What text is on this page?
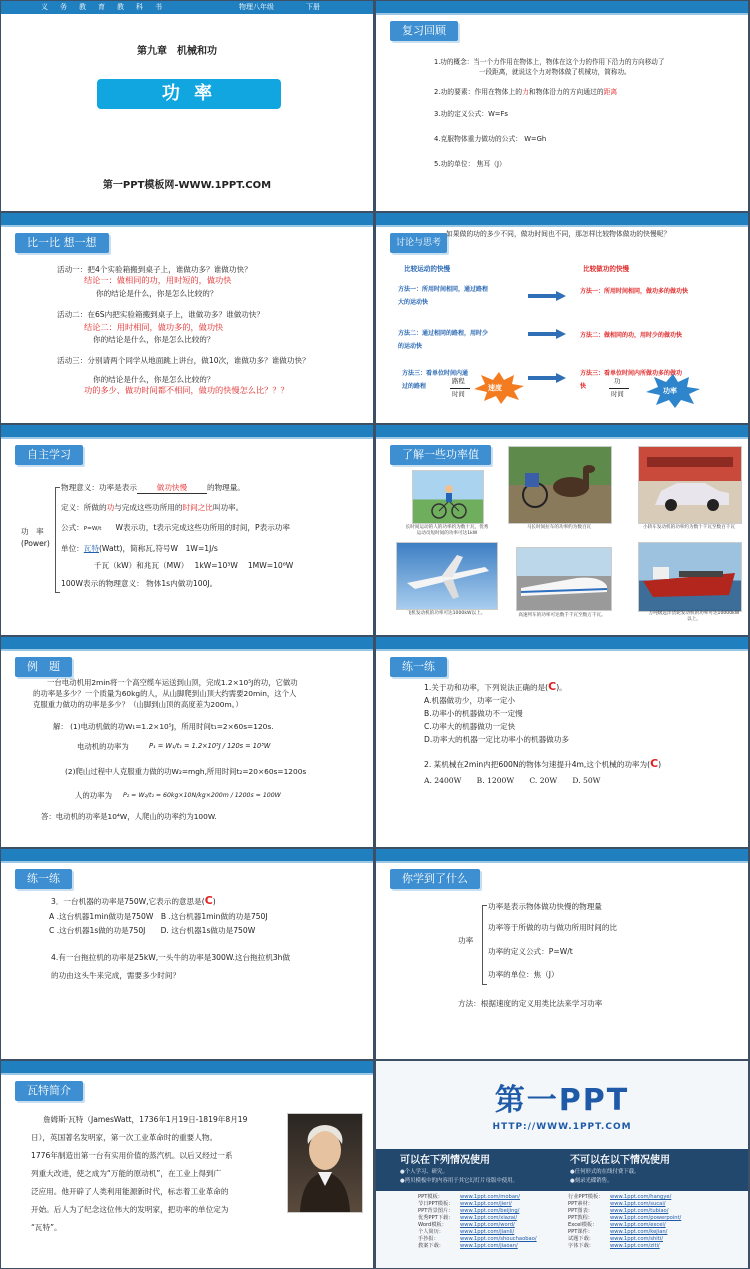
义 务 教 育 教 科 书	物理八年级	下册
第九章　机械和功
功 率
第一PPT模板网-WWW.1PPT.COM
复习回顾
1.功的概念：当一个力作用在物体上，物体在这个力的作用下沿力的方向移动了
一段距离，就说这个力对物体做了机械功，简称功。
2.功的要素：作用在物体上的力和物体沿力的方向通过的距离
3.功的定义公式：W=Fs
4.克服物体重力做功的公式： W=Gh
5.功的单位： 焦耳（J）
比一比 想一想
活动一：把4个实验箱搬到桌子上，谁做功多？谁做功快？
结论一：做相同的功，用时短的，做功快
你的结论是什么，你是怎么比较的？
活动二：在6S内把实验箱搬到桌子上，谁做功多？谁做功快？
结论二：用时相同，做功多的，做功快
你的结论是什么，你是怎么比较的？
活动三：分别请两个同学从地面跳上讲台，做10次，谁做功多？谁做功快？
你的结论是什么，你是怎么比较的？
功的多少、做功时间都不相同，做功的快慢怎么比？？？
讨论与思考
如果做的功的多少不同，做功时间也不同，那怎样比较物体做功的快慢呢？
比较运动的快慢	比较做功的快慢
方法一：所用时间相同，通过路程
大的运动快
方法一：所用时间相同，做功多的做功快
方法二：通过相同的路程，用时少
的运动快
方法二：做相同的功，用时少的做功快
方法三：看单位时间内通
过的路程
方法三：看单位时间内所做功多的做功
快
路程
时间
速度
功
时间	功率
自主学习
功　率
(Power)
物理意义：功率是表示	做功快慢	的物理量。
定义：所做的功与完成这些功所用的时间之比叫功率。
公式：P=W/t W表示功，t表示完成这些功所用的时间，P表示功率
单位：瓦特(Watt)，简称瓦,符号W　1W=1J/s
千瓦（kW）和兆瓦（MW）　 1kW=10³W　 1MW=10⁶W
100W表示的物理意义： 物体1s内做功100J。
了解一些功率值
长时间运动的人的功率约为数十瓦，优秀运动员短时间的功率可达1kW
马长时间拉车的功率约为数百瓦	小轿车发动机的功率约为数十千瓦至数百千瓦
飞机发动机的功率可达1000kW以上。	高速列车的功率可达数千千瓦至数万千瓦。	万吨级远洋货轮发动机的功率可达10000kW以上。
例　题
一台电动机用2min将一个高空缆车运送到山顶，完成1.2×10⁵J的功，它做功
的功率是多少？一个质量为60kg的人，从山脚爬到山顶大约需要20min，这个人
克服重力做功的功率是多少？（山脚到山顶的高度差为200m。）
解： (1)电动机做的功W₁=1.2×10⁵J，所用时间t₁=2×60s=120s.
电动机的功率为	P₁ = W₁/t₁ = 1.2×10⁵J / 120s = 10³W
(2)爬山过程中人克服重力做的功W₂=mgh,所用时间t₂=20×60s=1200s
人的功率为 P₂ = W₂/t₂ = 60kg×10N/kg×200m / 1200s = 100W
答：电动机的功率是10⁴W，人爬山的功率约为100W.
练一练
1.关于功和功率，下列说法正确的是(C)。
A.机器做功少，功率一定小
B.功率小的机器做功不一定慢
C.功率大的机器做功一定快
D.功率大的机器一定比功率小的机器做功多
2. 某机械在2min内把600N的物体匀速提升4m,这个机械的功率为(C)
A. 2400W　　B. 1200W　　C. 20W　　D. 50W
练一练
3．一台机器的功率是750W,它表示的意思是(C)
A .这台机器1min做功是750W　B .这台机器1min做的功是750J
C .这台机器1s做的功是750J　　D. 这台机器1s做功是750W
4.有一台拖拉机的功率是25kW,一头牛的功率是300W.这台拖拉机3h做
的功由这头牛来完成，需要多少时间？
你学到了什么
功率
功率是表示物体做功快慢的物理量
功率等于所做的功与做功所用时间的比
功率的定义公式：P=W/t
功率的单位：焦（J）
方法：根据速度的定义用类比法来学习功率
瓦特简介
詹姆斯·瓦特（JamesWatt，1736年1月19日-1819年8月19
日），英国著名发明家，第一次工业革命时的重要人物。
1776年制造出第一台有实用价值的蒸汽机。以后又经过一系
列重大改进，使之成为“万能的原动机”，在工业上得到广
泛应用。他开辟了人类利用能源新时代，标志着工业革命的
开始。后人为了纪念这位伟大的发明家，把功率的单位定为
“瓦特”。
第一PPT
HTTP://WWW.1PPT.COM
可以在下列情况使用
●个人学习、研究。
●拷贝模板中的内容用于其它幻灯片母版中使用。
不可以在以下情况使用
●任何形式的在线付费下载。
●刻录光碟销售。
PPT模板：	www.1ppt.com/moban/
节日PPT模板： www.1ppt.com/jieri/
PPT背景图片： www.1ppt.com/beijing/
优秀PPT下载： www.1ppt.com/xiazai/
Word模板：	www.1ppt.com/word/
个人简历：	www.1ppt.com/jianli/
手抄报：	www.1ppt.com/shouchaobao/
教案下载：	www.1ppt.com/jiaoan/
行业PPT模板： www.1ppt.com/hangye/
PPT素材：	www.1ppt.com/sucai/
PPT图表：	www.1ppt.com/tubiao/
PPT教程：	www.1ppt.com/powerpoint/
Excel模板： www.1ppt.com/excel/
PPT课件：	www.1ppt.com/kejian/
试题下载：	www.1ppt.com/shiti/
字体下载：	www.1ppt.com/ziti/
